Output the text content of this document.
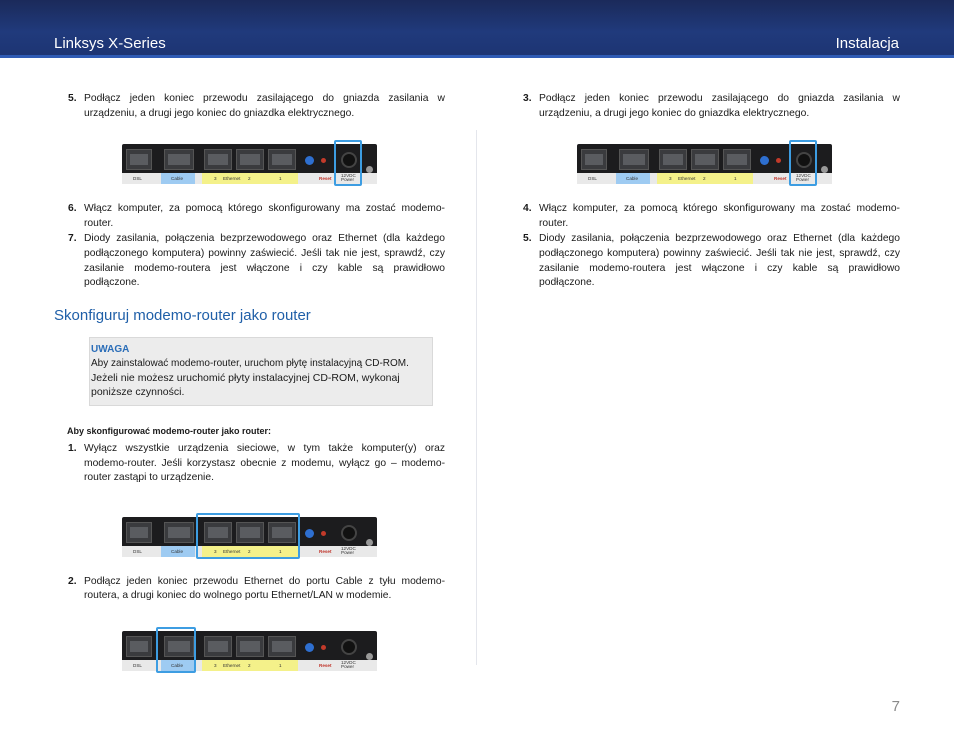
Linksys X-Series	Instalacja
5. Podłącz jeden koniec przewodu zasilającego do gniazda zasilania w urządzeniu, a drugi jego koniec do gniazdka elektrycznego.
DSL	Cable	3 Ethernet 2	1	Reset
12VDC Power
6. Włącz komputer, za pomocą którego skonfigurowany ma zostać modemo-router.
7. Diody zasilania, połączenia bezprzewodowego oraz Ethernet (dla każdego podłączonego komputera) powinny zaświecić. Jeśli tak nie jest, sprawdź, czy zasilanie modemo-routera jest włączone i czy kable są prawidłowo podłączone.
Skonfiguruj modemo-router jako router
UWAGA
Aby zainstalować modemo-router, uruchom płytę instalacyjną CD-ROM.
Jeżeli nie możesz uruchomić płyty instalacyjnej CD-ROM, wykonaj poniższe czynności.
Aby skonfigurować modemo-router jako router:
1. Wyłącz wszystkie urządzenia sieciowe, w tym także komputer(y) oraz modemo-router. Jeśli korzystasz obecnie z modemu, wyłącz go – modemo-router zastąpi to urządzenie.
DSL	Cable	3 Ethernet 2	1	Reset
12VDC Power
2. Podłącz jeden koniec przewodu Ethernet do portu Cable z tyłu modemo-routera, a drugi koniec do wolnego portu Ethernet/LAN w modemie.
DSL	Cable	3 Ethernet 2	1	Reset
12VDC Power
3. Podłącz jeden koniec przewodu zasilającego do gniazda zasilania w urządzeniu, a drugi jego koniec do gniazdka elektrycznego.
DSL	Cable	3 Ethernet 2	1	Reset
12VDC Power
4. Włącz komputer, za pomocą którego skonfigurowany ma zostać modemo-router.
5. Diody zasilania, połączenia bezprzewodowego oraz Ethernet (dla każdego podłączonego komputera) powinny zaświecić. Jeśli tak nie jest, sprawdź, czy zasilanie modemo-routera jest włączone i czy kable są prawidłowo podłączone.
7
